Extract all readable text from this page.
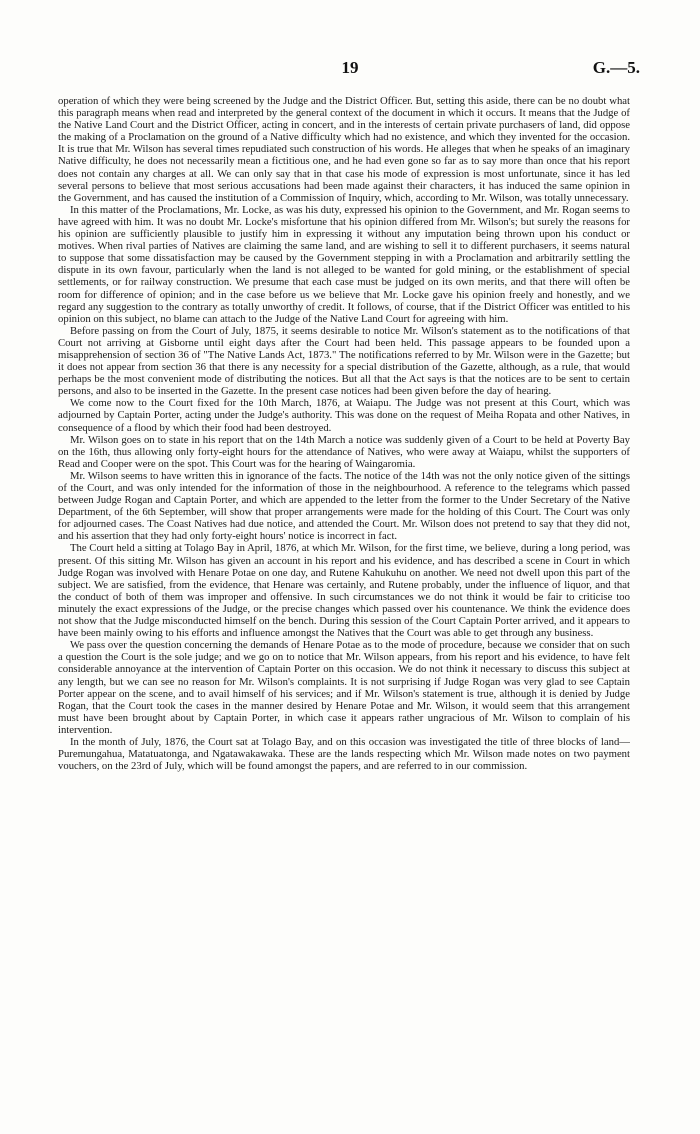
19	G.—5.

operation of which they were being screened by the Judge and the District Officer. But, setting this aside, there can be no doubt what this paragraph means when read and interpreted by the general context of the document in which it occurs. It means that the Judge of the Native Land Court and the District Officer, acting in concert, and in the interests of certain private purchasers of land, did oppose the making of a Proclamation on the ground of a Native difficulty which had no existence, and which they invented for the occasion. It is true that Mr. Wilson has several times repudiated such construction of his words. He alleges that when he speaks of an imaginary Native difficulty, he does not necessarily mean a fictitious one, and he had even gone so far as to say more than once that his report does not contain any charges at all. We can only say that in that case his mode of expression is most unfortunate, since it has led several persons to believe that most serious accusations had been made against their characters, it has induced the same opinion in the Government, and has caused the institution of a Commission of Inquiry, which, according to Mr. Wilson, was totally unnecessary.

In this matter of the Proclamations, Mr. Locke, as was his duty, expressed his opinion to the Government, and Mr. Rogan seems to have agreed with him. It was no doubt Mr. Locke's misfortune that his opinion differed from Mr. Wilson's; but surely the reasons for his opinion are sufficiently plausible to justify him in expressing it without any imputation being thrown upon his conduct or motives. When rival parties of Natives are claiming the same land, and are wishing to sell it to different purchasers, it seems natural to suppose that some dissatisfaction may be caused by the Government stepping in with a Proclamation and arbitrarily settling the dispute in its own favour, particularly when the land is not alleged to be wanted for gold mining, or the establishment of special settlements, or for railway construction. We presume that each case must be judged on its own merits, and that there will often be room for difference of opinion; and in the case before us we believe that Mr. Locke gave his opinion freely and honestly, and we regard any suggestion to the contrary as totally unworthy of credit. It follows, of course, that if the District Officer was entitled to his opinion on this subject, no blame can attach to the Judge of the Native Land Court for agreeing with him.

Before passing on from the Court of July, 1875, it seems desirable to notice Mr. Wilson's statement as to the notifications of that Court not arriving at Gisborne until eight days after the Court had been held. This passage appears to be founded upon a misapprehension of section 36 of "The Native Lands Act, 1873." The notifications referred to by Mr. Wilson were in the Gazette; but it does not appear from section 36 that there is any necessity for a special distribution of the Gazette, although, as a rule, that would perhaps be the most convenient mode of distributing the notices. But all that the Act says is that the notices are to be sent to certain persons, and also to be inserted in the Gazette. In the present case notices had been given before the day of hearing.

We come now to the Court fixed for the 10th March, 1876, at Waiapu. The Judge was not present at this Court, which was adjourned by Captain Porter, acting under the Judge's authority. This was done on the request of Meiha Ropata and other Natives, in consequence of a flood by which their food had been destroyed.

Mr. Wilson goes on to state in his report that on the 14th March a notice was suddenly given of a Court to be held at Poverty Bay on the 16th, thus allowing only forty-eight hours for the attendance of Natives, who were away at Waiapu, whilst the supporters of Read and Cooper were on the spot. This Court was for the hearing of Waingaromia.

Mr. Wilson seems to have written this in ignorance of the facts. The notice of the 14th was not the only notice given of the sittings of the Court, and was only intended for the information of those in the neighbourhood. A reference to the telegrams which passed between Judge Rogan and Captain Porter, and which are appended to the letter from the former to the Under Secretary of the Native Department, of the 6th September, will show that proper arrangements were made for the holding of this Court. The Court was only for adjourned cases. The Coast Natives had due notice, and attended the Court. Mr. Wilson does not pretend to say that they did not, and his assertion that they had only forty-eight hours' notice is incorrect in fact.

The Court held a sitting at Tolago Bay in April, 1876, at which Mr. Wilson, for the first time, we believe, during a long period, was present. Of this sitting Mr. Wilson has given an account in his report and his evidence, and has described a scene in Court in which Judge Rogan was involved with Henare Potae on one day, and Rutene Kahukuhu on another. We need not dwell upon this part of the subject. We are satisfied, from the evidence, that Henare was certainly, and Rutene probably, under the influence of liquor, and that the conduct of both of them was improper and offensive. In such circumstances we do not think it would be fair to criticise too minutely the exact expressions of the Judge, or the precise changes which passed over his countenance. We think the evidence does not show that the Judge misconducted himself on the bench. During this session of the Court Captain Porter arrived, and it appears to have been mainly owing to his efforts and influence amongst the Natives that the Court was able to get through any business.

We pass over the question concerning the demands of Henare Potae as to the mode of procedure, because we consider that on such a question the Court is the sole judge; and we go on to notice that Mr. Wilson appears, from his report and his evidence, to have felt considerable annoyance at the intervention of Captain Porter on this occasion. We do not think it necessary to discuss this subject at any length, but we can see no reason for Mr. Wilson's complaints. It is not surprising if Judge Rogan was very glad to see Captain Porter appear on the scene, and to avail himself of his services; and if Mr. Wilson's statement is true, although it is denied by Judge Rogan, that the Court took the cases in the manner desired by Henare Potae and Mr. Wilson, it would seem that this arrangement must have been brought about by Captain Porter, in which case it appears rather ungracious of Mr. Wilson to complain of his intervention.

In the month of July, 1876, the Court sat at Tolago Bay, and on this occasion was investigated the title of three blocks of land—Puremungahua, Matatuatonga, and Ngatawakawaka. These are the lands respecting which Mr. Wilson made notes on two payment vouchers, on the 23rd of July, which will be found amongst the papers, and are referred to in our commission.
